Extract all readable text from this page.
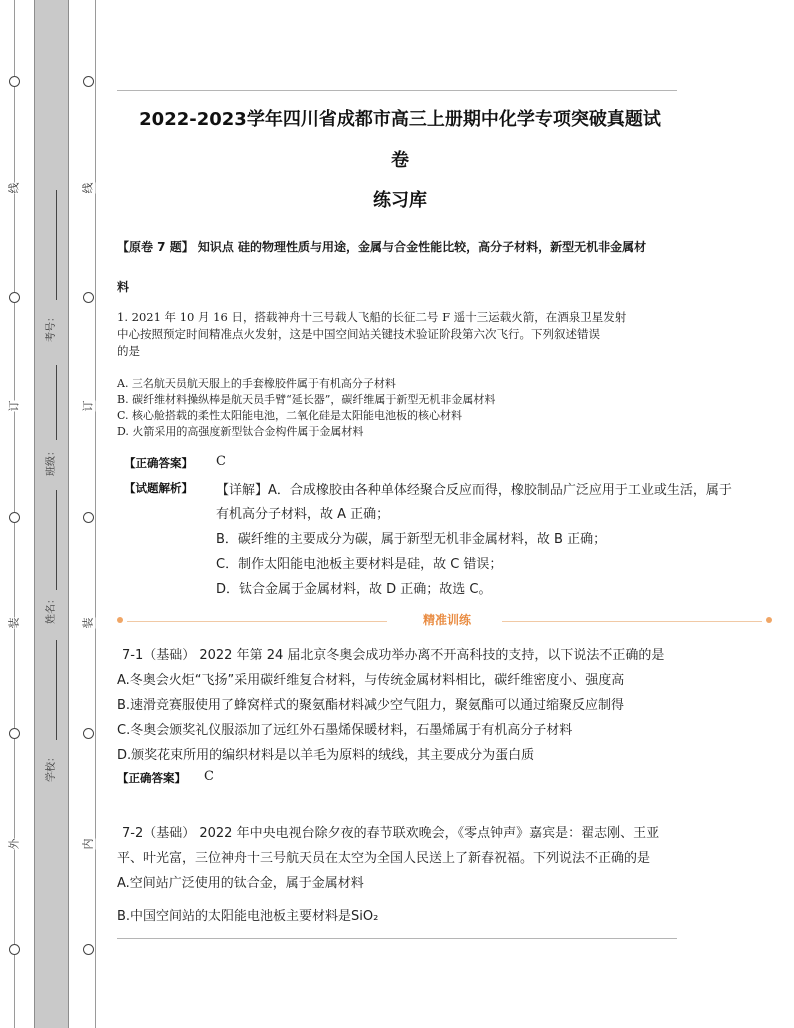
线
订
装
外
线
订
装
内
考号：
班级：
姓名：
学校：
2022-2023学年四川省成都市高三上册期中化学专项突破真题试
卷
练习库
【原卷 7 题】 知识点 硅的物理性质与用途，金属与合金性能比较，高分子材料，新型无机非金属材
料
1. 2021 年 10 月 16 日，搭载神舟十三号载人飞船的长征二号 F 遥十三运载火箭，在酒泉卫星发射
中心按照预定时间精准点火发射，这是中国空间站关键技术验证阶段第六次飞行。下列叙述错误
的是
A. 三名航天员航天服上的手套橡胶件属于有机高分子材料
B. 碳纤维材料操纵棒是航天员手臂“延长器”，碳纤维属于新型无机非金属材料
C. 核心舱搭载的柔性太阳能电池，二氧化硅是太阳能电池板的核心材料
D. 火箭采用的高强度新型钛合金构件属于金属材料
【正确答案】 C
【试题解析】 【详解】A．合成橡胶由各种单体经聚合反应而得，橡胶制品广泛应用于工业或生活，属于
有机高分子材料，故 A 正确；
B．碳纤维的主要成分为碳，属于新型无机非金属材料，故 B 正确；
C．制作太阳能电池板主要材料是硅，故 C 错误；
D．钛合金属于金属材料，故 D 正确；故选 C。
精准训练
7-1（基础） 2022 年第 24 届北京冬奥会成功举办离不开高科技的支持，以下说法不正确的是
A.冬奥会火炬“飞扬”采用碳纤维复合材料，与传统金属材料相比，碳纤维密度小、强度高
B.速滑竞赛服使用了蜂窝样式的聚氨酯材料减少空气阻力，聚氨酯可以通过缩聚反应制得
C.冬奥会颁奖礼仪服添加了远红外石墨烯保暖材料，石墨烯属于有机高分子材料
D.颁奖花束所用的编织材料是以羊毛为原料的绒线，其主要成分为蛋白质
【正确答案】 C
7-2（基础） 2022 年中央电视台除夕夜的春节联欢晚会，《零点钟声》嘉宾是：翟志刚、王亚
平、叶光富，三位神舟十三号航天员在太空为全国人民送上了新春祝福。下列说法不正确的是
A.空间站广泛使用的钛合金，属于金属材料
B.中国空间站的太阳能电池板主要材料是SiO₂
